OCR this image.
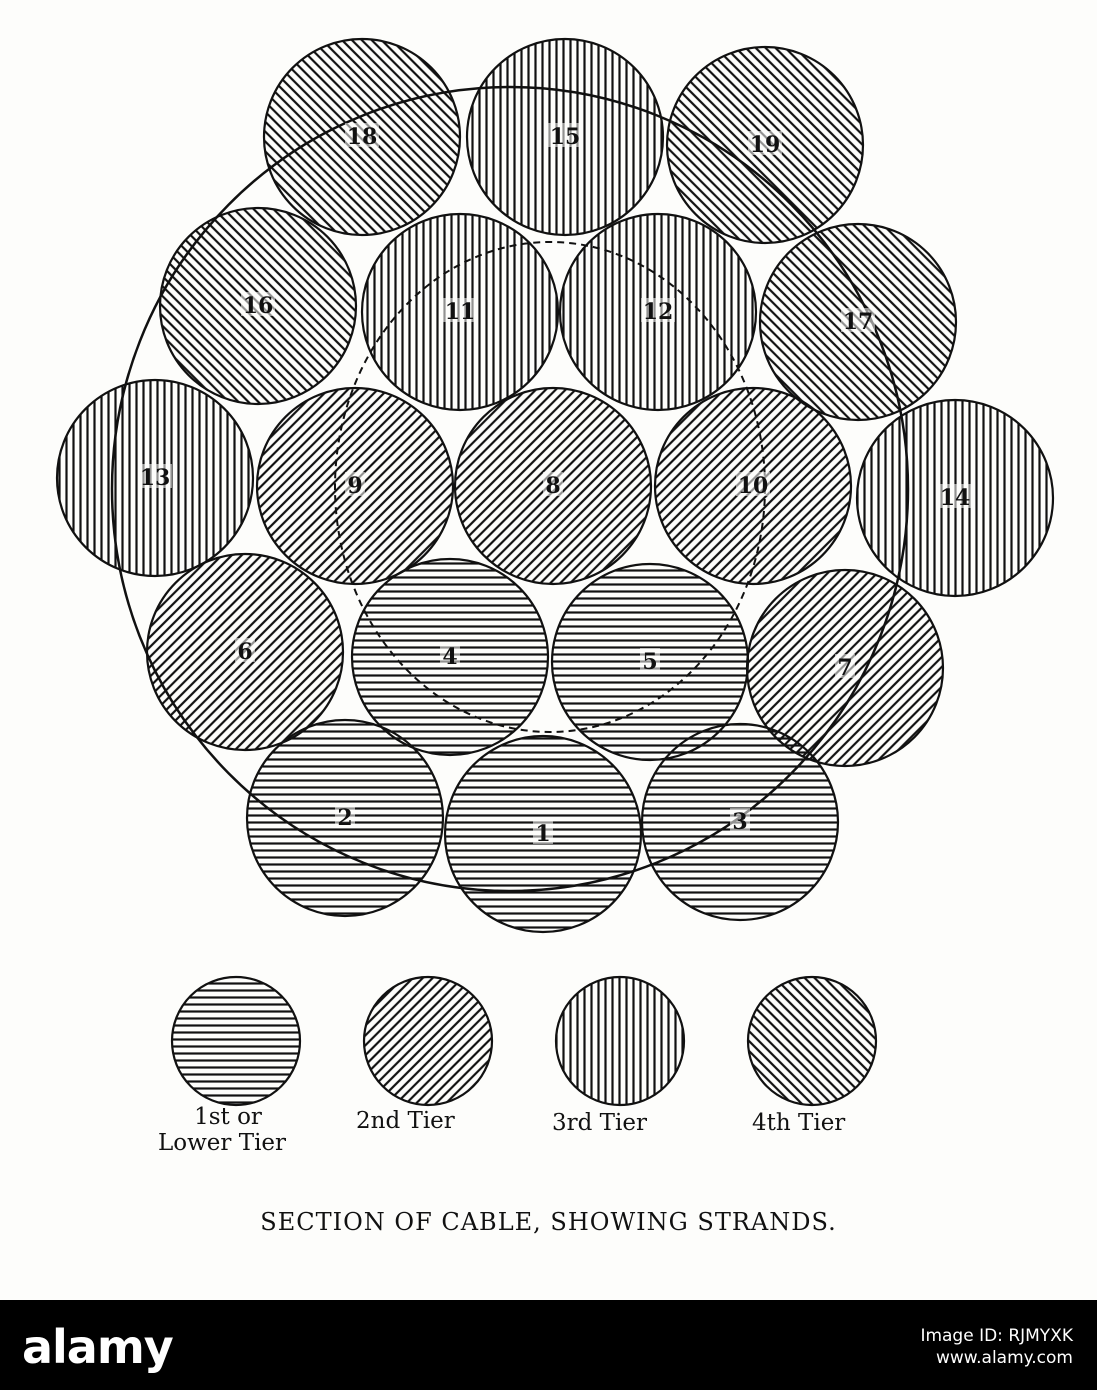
1
2	3
4	5
6
7
8
9	10
11	12
13
14
15
16
17
18	19
1st or
Lower Tier
2nd Tier	3rd Tier	4th Tier
SECTION OF CABLE, SHOWING STRANDS.
alamy	Image ID: RJMYXK
www.alamy.com
